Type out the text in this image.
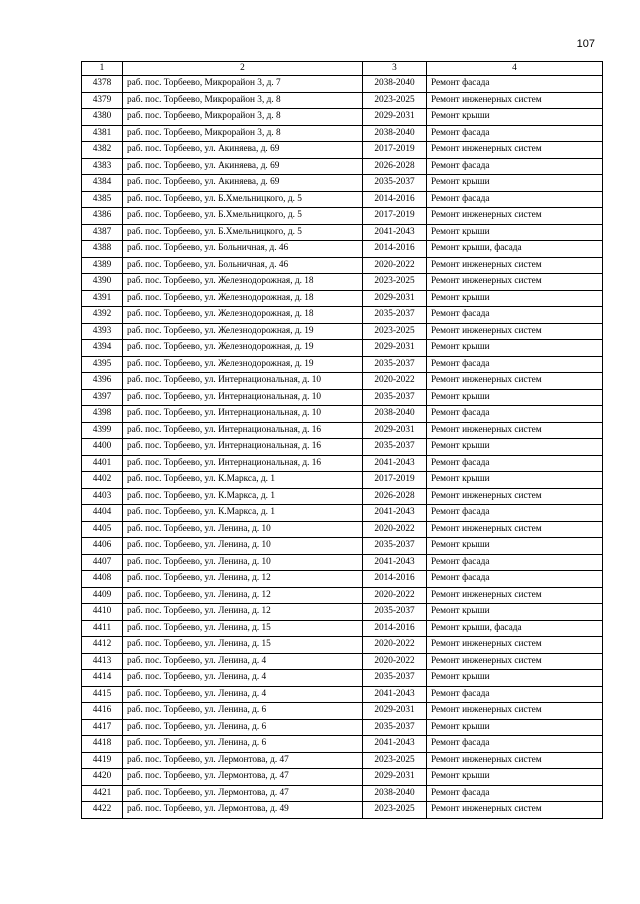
107
1	2	3	4
4378	раб. пос. Торбеево, Микрорайон 3, д. 7	2038-2040	Ремонт фасада
4379	раб. пос. Торбеево, Микрорайон 3, д. 8	2023-2025	Ремонт инженерных систем
4380	раб. пос. Торбеево, Микрорайон 3, д. 8	2029-2031	Ремонт крыши
4381	раб. пос. Торбеево, Микрорайон 3, д. 8	2038-2040	Ремонт фасада
4382	раб. пос. Торбеево, ул. Акиняева, д. 69	2017-2019	Ремонт инженерных систем
4383	раб. пос. Торбеево, ул. Акиняева, д. 69	2026-2028	Ремонт фасада
4384	раб. пос. Торбеево, ул. Акиняева, д. 69	2035-2037	Ремонт крыши
4385	раб. пос. Торбеево, ул. Б.Хмельницкого, д. 5	2014-2016	Ремонт фасада
4386	раб. пос. Торбеево, ул. Б.Хмельницкого, д. 5	2017-2019	Ремонт инженерных систем
4387	раб. пос. Торбеево, ул. Б.Хмельницкого, д. 5	2041-2043	Ремонт крыши
4388	раб. пос. Торбеево, ул. Больничная, д. 46	2014-2016	Ремонт крыши, фасада
4389	раб. пос. Торбеево, ул. Больничная, д. 46	2020-2022	Ремонт инженерных систем
4390	раб. пос. Торбеево, ул. Железнодорожная, д. 18	2023-2025	Ремонт инженерных систем
4391	раб. пос. Торбеево, ул. Железнодорожная, д. 18	2029-2031	Ремонт крыши
4392	раб. пос. Торбеево, ул. Железнодорожная, д. 18	2035-2037	Ремонт фасада
4393	раб. пос. Торбеево, ул. Железнодорожная, д. 19	2023-2025	Ремонт инженерных систем
4394	раб. пос. Торбеево, ул. Железнодорожная, д. 19	2029-2031	Ремонт крыши
4395	раб. пос. Торбеево, ул. Железнодорожная, д. 19	2035-2037	Ремонт фасада
4396	раб. пос. Торбеево, ул. Интернациональная, д. 10	2020-2022	Ремонт инженерных систем
4397	раб. пос. Торбеево, ул. Интернациональная, д. 10	2035-2037	Ремонт крыши
4398	раб. пос. Торбеево, ул. Интернациональная, д. 10	2038-2040	Ремонт фасада
4399	раб. пос. Торбеево, ул. Интернациональная, д. 16	2029-2031	Ремонт инженерных систем
4400	раб. пос. Торбеево, ул. Интернациональная, д. 16	2035-2037	Ремонт крыши
4401	раб. пос. Торбеево, ул. Интернациональная, д. 16	2041-2043	Ремонт фасада
4402	раб. пос. Торбеево, ул. К.Маркса, д. 1	2017-2019	Ремонт крыши
4403	раб. пос. Торбеево, ул. К.Маркса, д. 1	2026-2028	Ремонт инженерных систем
4404	раб. пос. Торбеево, ул. К.Маркса, д. 1	2041-2043	Ремонт фасада
4405	раб. пос. Торбеево, ул. Ленина, д. 10	2020-2022	Ремонт инженерных систем
4406	раб. пос. Торбеево, ул. Ленина, д. 10	2035-2037	Ремонт крыши
4407	раб. пос. Торбеево, ул. Ленина, д. 10	2041-2043	Ремонт фасада
4408	раб. пос. Торбеево, ул. Ленина, д. 12	2014-2016	Ремонт фасада
4409	раб. пос. Торбеево, ул. Ленина, д. 12	2020-2022	Ремонт инженерных систем
4410	раб. пос. Торбеево, ул. Ленина, д. 12	2035-2037	Ремонт крыши
4411	раб. пос. Торбеево, ул. Ленина, д. 15	2014-2016	Ремонт крыши, фасада
4412	раб. пос. Торбеево, ул. Ленина, д. 15	2020-2022	Ремонт инженерных систем
4413	раб. пос. Торбеево, ул. Ленина, д. 4	2020-2022	Ремонт инженерных систем
4414	раб. пос. Торбеево, ул. Ленина, д. 4	2035-2037	Ремонт крыши
4415	раб. пос. Торбеево, ул. Ленина, д. 4	2041-2043	Ремонт фасада
4416	раб. пос. Торбеево, ул. Ленина, д. 6	2029-2031	Ремонт инженерных систем
4417	раб. пос. Торбеево, ул. Ленина, д. 6	2035-2037	Ремонт крыши
4418	раб. пос. Торбеево, ул. Ленина, д. 6	2041-2043	Ремонт фасада
4419	раб. пос. Торбеево, ул. Лермонтова, д. 47	2023-2025	Ремонт инженерных систем
4420	раб. пос. Торбеево, ул. Лермонтова, д. 47	2029-2031	Ремонт крыши
4421	раб. пос. Торбеево, ул. Лермонтова, д. 47	2038-2040	Ремонт фасада
4422	раб. пос. Торбеево, ул. Лермонтова, д. 49	2023-2025	Ремонт инженерных систем
